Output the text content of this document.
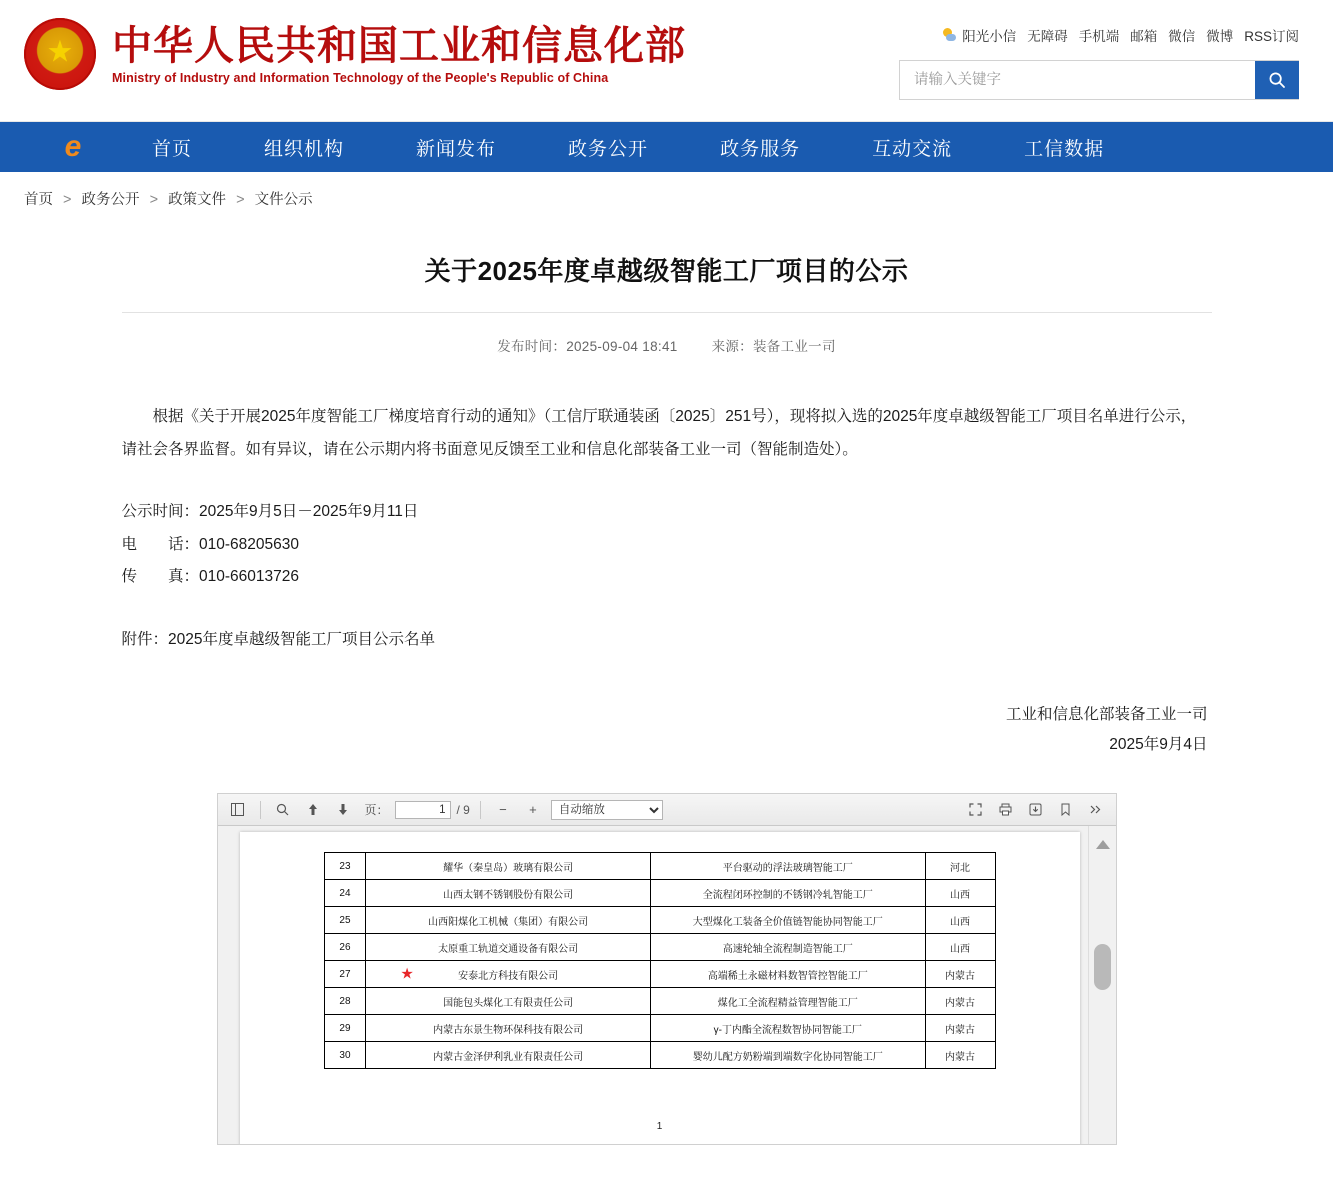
★
中华人民共和国工业和信息化部
Ministry of Industry and Information Technology of the People's Republic of China
阳光小信 无障碍 手机端 邮箱 微信 微博 RSS订阅
请输入关键字
e
首页	组织机构	新闻发布	政务公开	政务服务	互动交流	工信数据
首页 > 政务公开 > 政策文件 > 文件公示
关于2025年度卓越级智能工厂项目的公示
发布时间：2025-09-04 18:41	来源：装备工业一司

根据《关于开展2025年度智能工厂梯度培育行动的通知》（工信厅联通装函〔2025〕251号），现将拟入选的2025年度卓越级智能工厂项目名单进行公示，请社会各界监督。如有异议，请在公示期内将书面意见反馈至工业和信息化部装备工业一司（智能制造处）。

公示时间：2025年9月5日－2025年9月11日

电　　话：010-68205630

传　　真：010-66013726

附件：2025年度卓越级智能工厂项目公示名单

工业和信息化部装备工业一司
2025年9月4日
页：
1	/ 9	−	+
自动缩放
23	耀华（秦皇岛）玻璃有限公司	平台驱动的浮法玻璃智能工厂	河北
24	山西太钢不锈钢股份有限公司	全流程闭环控制的不锈钢冷轧智能工厂	山西
25	山西阳煤化工机械（集团）有限公司	大型煤化工装备全价值链智能协同智能工厂	山西
26	太原重工轨道交通设备有限公司	高速轮轴全流程制造智能工厂	山西
27	★ 安泰北方科技有限公司	高端稀土永磁材料数智管控智能工厂	内蒙古
28	国能包头煤化工有限责任公司	煤化工全流程精益管理智能工厂	内蒙古
29	内蒙古东景生物环保科技有限公司	γ-丁内酯全流程数智协同智能工厂	内蒙古
30	内蒙古金泽伊利乳业有限责任公司	婴幼儿配方奶粉端到端数字化协同智能工厂	内蒙古
1
